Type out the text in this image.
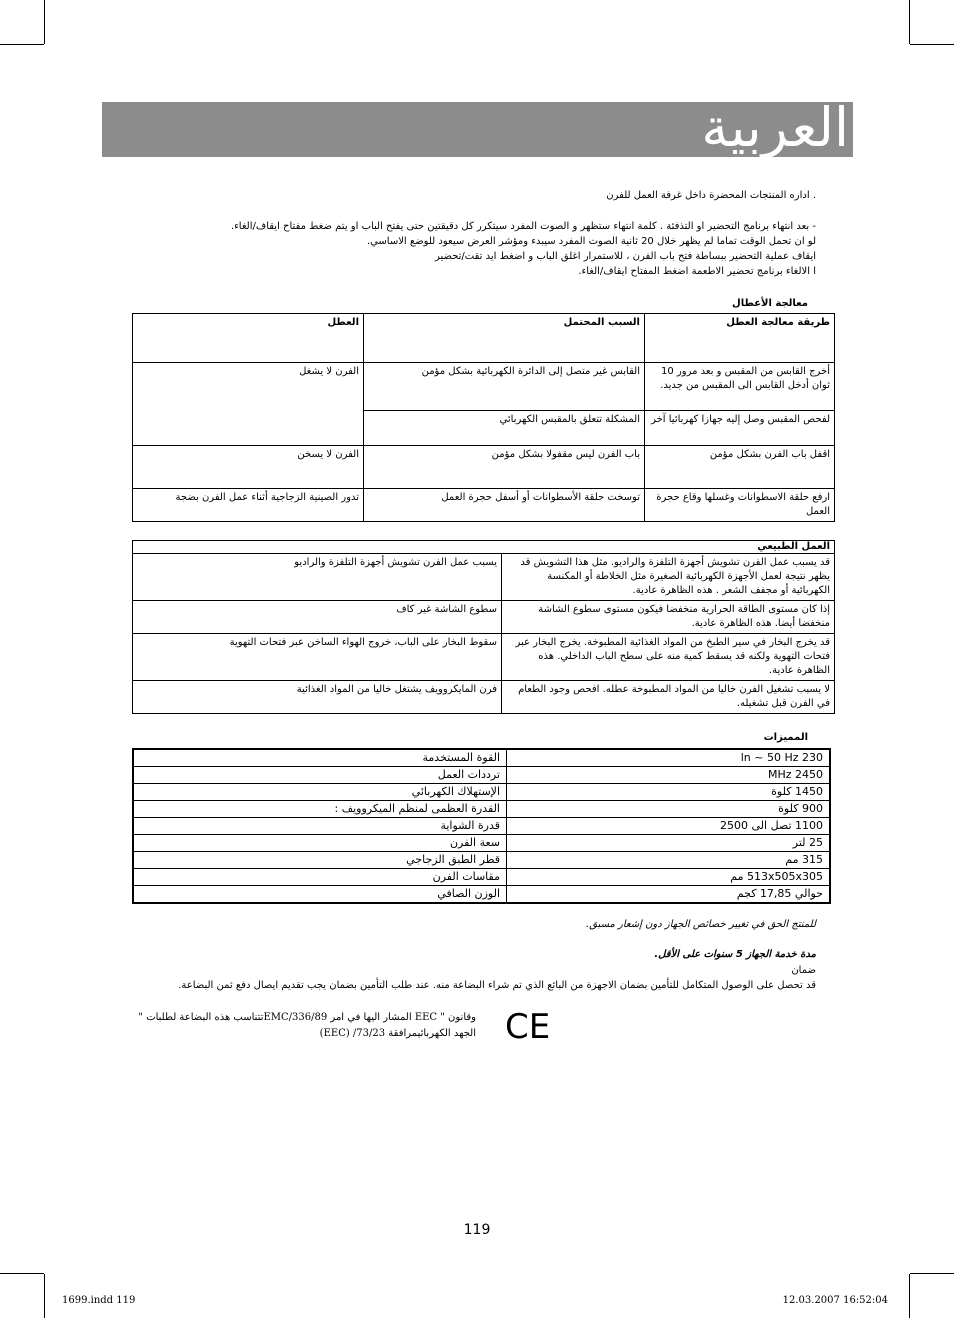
العربية
. اداره المنتجات المحضرة داخل غرفة العمل للفرن
- بعد انتهاء برنامج التحضير او التذفئة . كلمة انتهاء ستظهر و الصوت المفرد سيتكرر كل دقيقتين حتى يفتح الباب او يتم ضغط مفتاح ايقاف/الغاء.
لو ان تحمل الوقت تماما لم يظهر خلال 20 ثانية الصوت المفرد سيبدء ومؤشر العرض سيعود للوضع الاساسي.
ايقاف عملية التحضير ببساطة فتح باب الفرن ، للاستمرار اغلق الباب و اضغط ايد تقت/تحضير
ا الالغاء برنامج تحضير الاطعمة اضغط المفتاح ايقاف/الغاء.
معالجة الأعطال
العطل	السبب المحتمل	طريقة معالجة العطل
الفرن لا يشغل	القابس غير متصل إلى الدائرة الكهربائية بشكل مؤمن	أخرج القابس من المقبس و بعد مرور 10 ثوان أدخل القابس الى المقبس من جديد.
	المشكلة تتعلق بالمقبس الكهربائي	لفحص المقبس وصل إليه جهازا كهربائيا آخر
الفرن لا يسخن	باب الفرن ليس مقفولا بشكل مؤمن	اقفل باب الفرن بشكل مؤمن
تدور الصينية الزجاجية أثناء عمل الفرن بضجة	توسخت حلقة الأسطوانات أو أسفل حجرة العمل	ارفع حلقة الاسطوانات وغسلها وقاع حجرة العمل
العمل الطبيعي	
يسبب عمل الفرن تشويش أجهزة التلفزة والراديو	قد يسبب عمل الفرن تشويش أجهزة التلفزة والراديو. مثل هذا التشويش قد يظهر نتيجة لعمل الأجهزة الكهربائية الصغيرة مثل الخلاطة أو المكنسة الكهربائية أو مجفف الشعر . هذه الظاهرة عادية.
سطوع الشاشة غير كاف	إذا كان مستوى الطاقة الحرارية منخفضا فيكون مستوى سطوع الشاشة منخفضا أيضا. هذه الظاهرة عادية.
سقوط البخار على الباب، خروج الهواء الساخن عبر فتحات التهوية	قد يخرج البخار في سير الطبخ من المواد الغذائية المطبوخة. يخرج البخار عبر فتحات التهوية ولكنه قد يسقط كمية منه على سطح الباب الداخلي. هذه الظاهرة عادية.
فرن المايكروويف يشتغل خاليا من المواد الغذائية	لا يسبب تشغيل الفرن خاليا من المواد المطبوخة عطله. افحص وجود الطعام في الفرن قبل تشغيله.
المميزات
القوة المستخدمة	230 ln ~ 50 Hz
ترددات العمل	2450 MHz
الإستهلاك الكهربائي	1450 كلوة
القدرة العظمى لمنظم الميكروويف :	900 كلوة
قدرة الشواية	1100 تصل الى 2500
سعة الفرن	25 لتر
قطر الطبق الزجاجي	315 مم
مقاسات الفرن	513x505x305 مم
الوزن الصافي	حوالي 17,85 كجم
للمنتج الحق في تغيير خصائص الجهاز دون إشعار مسبق.
مدة خدمة الجهاز 5 سنوات على الأقل.
ضمان
قد تحصل على الوصول المتكامل للتأمين بضمان الاجهزة من البائع الذي تم شراء البضاعة منه. عند طلب التأمين بضمان يجب تقديم ايصال دفع ثمن البضاعة.
وقانون " EEC المشار اليها في امر EMC/336/89تتناسب هذه البضاعة لطلبات "
الجهد الكهربائيمرافقة 73/23/ (EEC) CE
119
1699.indd 119	12.03.2007 16:52:04
